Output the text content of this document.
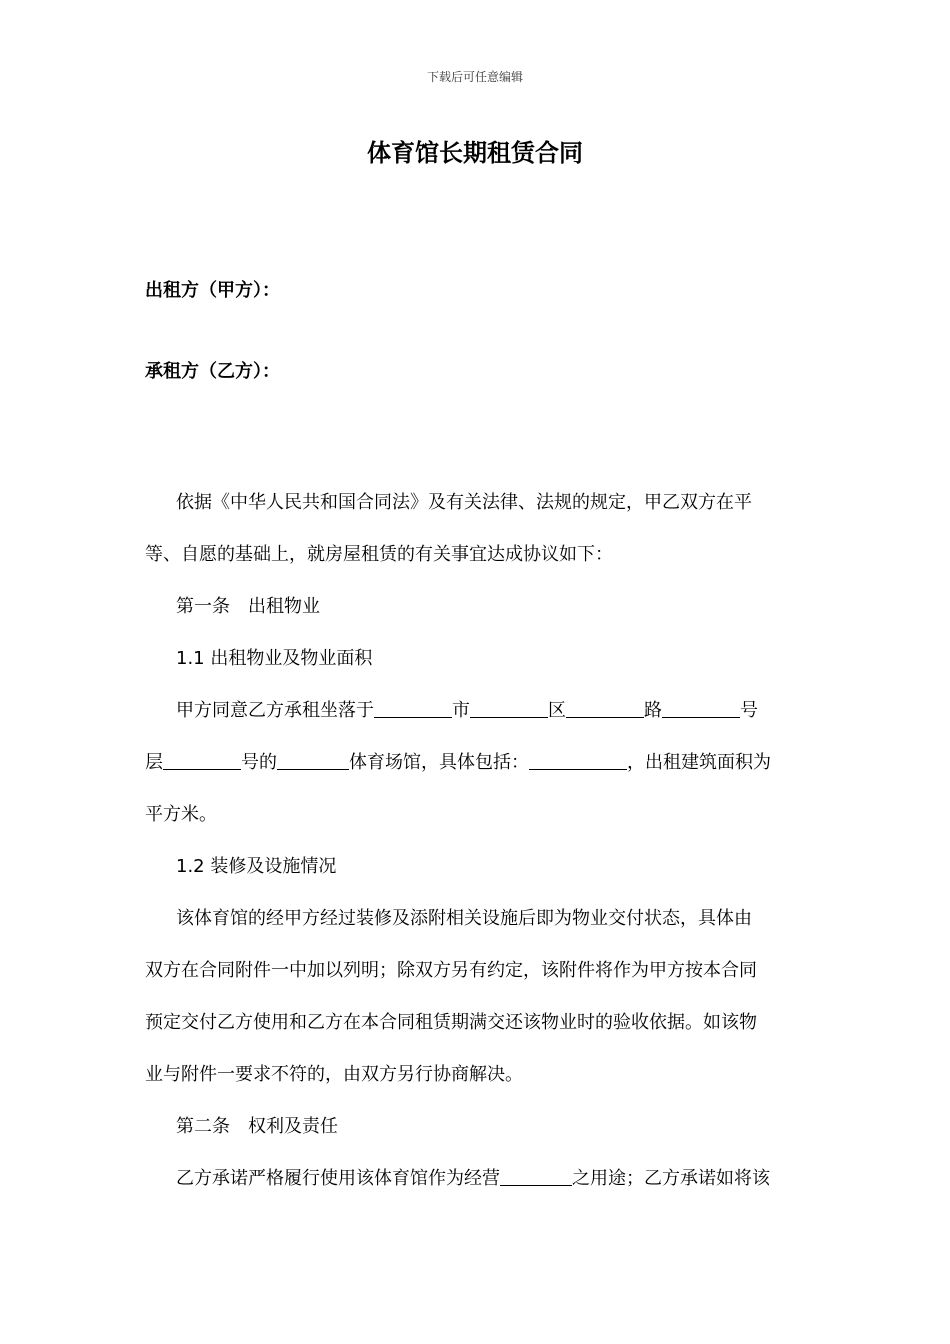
下载后可任意编辑
体育馆长期租赁合同
出租方（甲方）：
承租方（乙方）：
依据《中华人民共和国合同法》及有关法律、法规的规定，甲乙双方在平
等、自愿的基础上，就房屋租赁的有关事宜达成协议如下：
第一条　出租物业
1.1 出租物业及物业面积
甲方同意乙方承租坐落于	市	区	路	号
层	号的	体育场馆，具体包括：	，出租建筑面积为
平方米。
1.2 装修及设施情况
该体育馆的经甲方经过装修及添附相关设施后即为物业交付状态，具体由
双方在合同附件一中加以列明；除双方另有约定，该附件将作为甲方按本合同
预定交付乙方使用和乙方在本合同租赁期满交还该物业时的验收依据。如该物
业与附件一要求不符的，由双方另行协商解决。
第二条　权利及责任
乙方承诺严格履行使用该体育馆作为经营	之用途；乙方承诺如将该
